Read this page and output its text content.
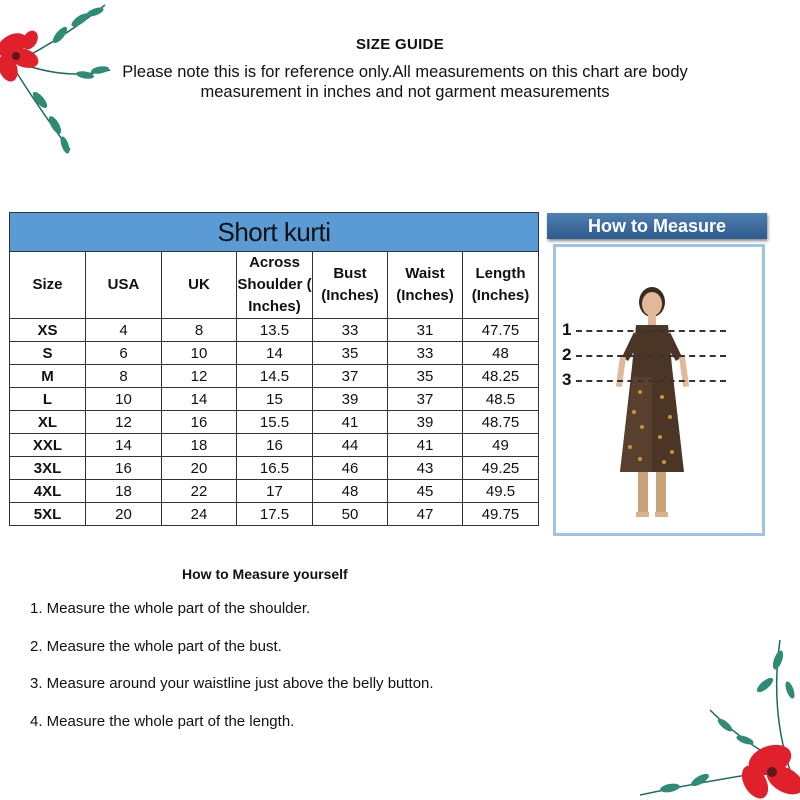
SIZE GUIDE
Please note this is for reference only.All measurements on this chart are body measurement in inches and not garment measurements
Short kurti						
Size	USA	UK	Across Shoulder ( Inches)	Bust (Inches)	Waist (Inches)	Length (Inches)
XS	4	8	13.5	33	31	47.75
S	6	10	14	35	33	48
M	8	12	14.5	37	35	48.25
L	10	14	15	39	37	48.5
XL	12	16	15.5	41	39	48.75
XXL	14	18	16	44	41	49
3XL	16	20	16.5	46	43	49.25
4XL	18	22	17	48	45	49.5
5XL	20	24	17.5	50	47	49.75
How to Measure
1
2
3
How to Measure yourself
1. Measure the whole part of the shoulder.
2. Measure the whole part of the bust.
3. Measure around your waistline just above the belly button.
4. Measure the whole part of the length.
